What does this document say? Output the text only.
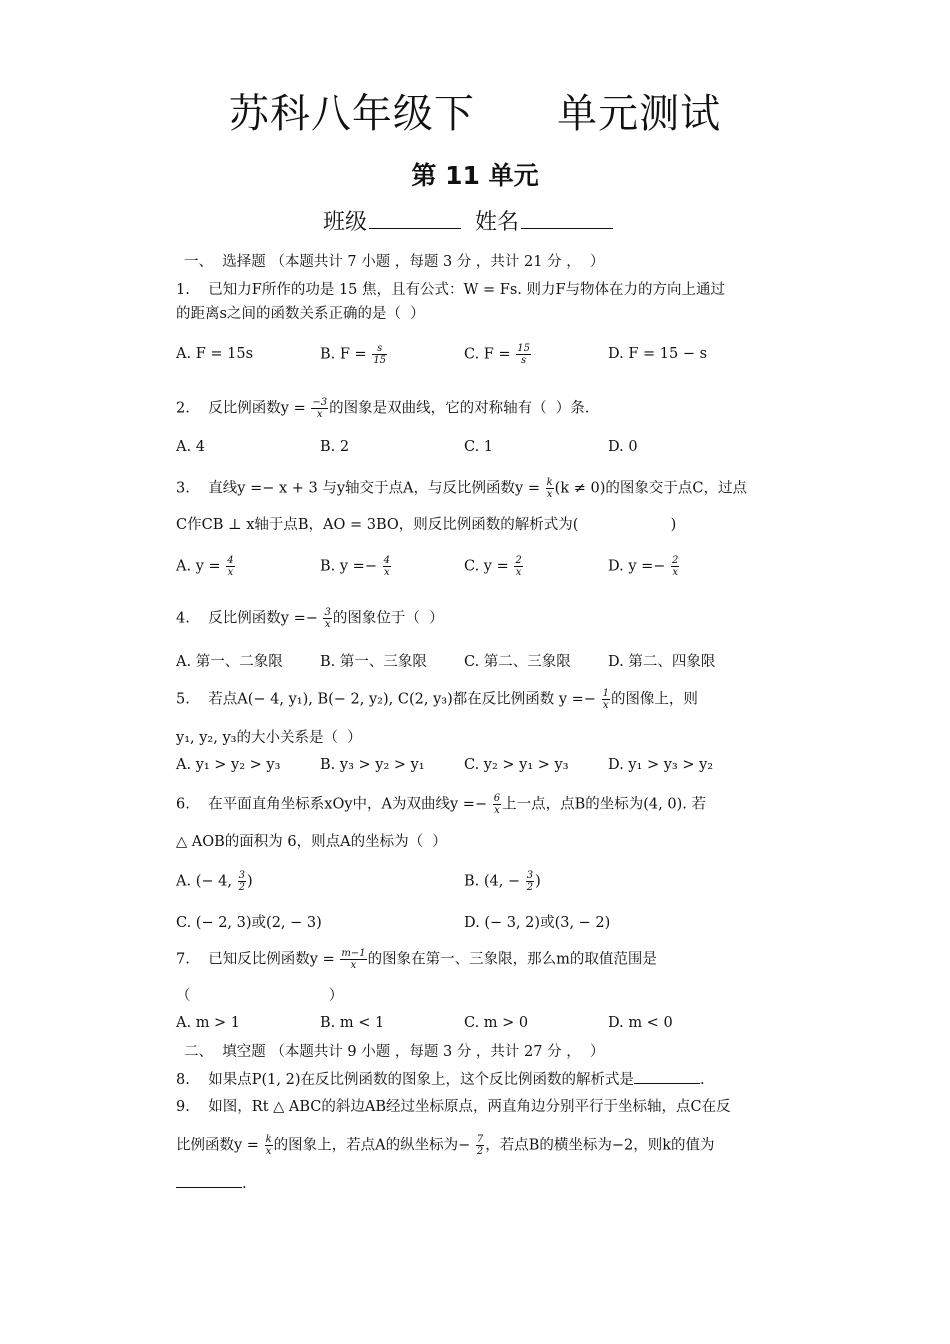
苏科八年级下      单元测试
第 11 单元
班级	姓名
一、  选择题 （本题共计 7 小题 ，每题 3 分 ，共计 21 分 ，  ）
1.    已知力F所作的功是 15 焦，且有公式：W = Fs. 则力F与物体在力的方向上通过
的距离s之间的函数关系正确的是（  ）
A. F = 15s	B. $F = \frac{s}{15}$	C. $F = \frac{15}{s}$	D. F = 15 − s
2.    反比例函数$y = \frac{-3}{x}$ 的图象是双曲线，它的对称轴有（  ）条.
A. 4	B. 2	C. 1	D. 0
3.    直线y =− x + 3 与y轴交于点A，与反比例函数$y = \frac{k}{x} (k \ne 0)$的图象交于点C，过点
C作CB ⊥ x轴于点B，AO = 3BO，则反比例函数的解析式为(                    )
A. $y = \frac{4}{x}$	B. $y =- \frac{4}{x}$	C. $y = \frac{2}{x}$	D. $y =- \frac{2}{x}$
4.    反比例函数$y =- \frac{3}{x}$ 的图象位于（  ）
A. 第一、二象限	B. 第一、三象限	C. 第二、三象限	D. 第二、四象限
5.    若点A(− 4, y₁), B(− 2, y₂), C(2, y₃)都在反比例函数 $y =- \frac{1}{x}$ 的图像上，则
y₁, y₂, y₃的大小关系是（  ）
A. y₁ > y₂ > y₃	B. y₃ > y₂ > y₁	C. y₂ > y₁ > y₃	D. y₁ > y₃ > y₂
6.    在平面直角坐标系xOy中，A为双曲线$y =- \frac{6}{x}$ 上一点，点B的坐标为(4, 0). 若
△ AOB的面积为 6，则点A的坐标为（  ）
A. (− 4, $\frac{3}{2}$ )	B. (4, − $\frac{3}{2}$ )
C. (− 2, 3)或(2, − 3)	D. (− 3, 2)或(3, − 2)
7.    已知反比例函数$y = \frac{m-1}{x}$ 的图象在第一、三象限，那么m的取值范围是
（                              ）
A. m > 1	B. m < 1	C. m > 0	D. m < 0
二、  填空题 （本题共计 9 小题 ，每题 3 分 ，共计 27 分 ，  ）
8.    如果点P(1, 2)在反比例函数的图象上，这个反比例函数的解析式是	.
9.    如图，Rt △ ABC的斜边AB经过坐标原点，两直角边分别平行于坐标轴，点C在反
比例函数$y = \frac{k}{x}$ 的图象上，若点A的纵坐标为− $\frac{7}{2}$ ，若点B的横坐标为−2，则k的值为
.
